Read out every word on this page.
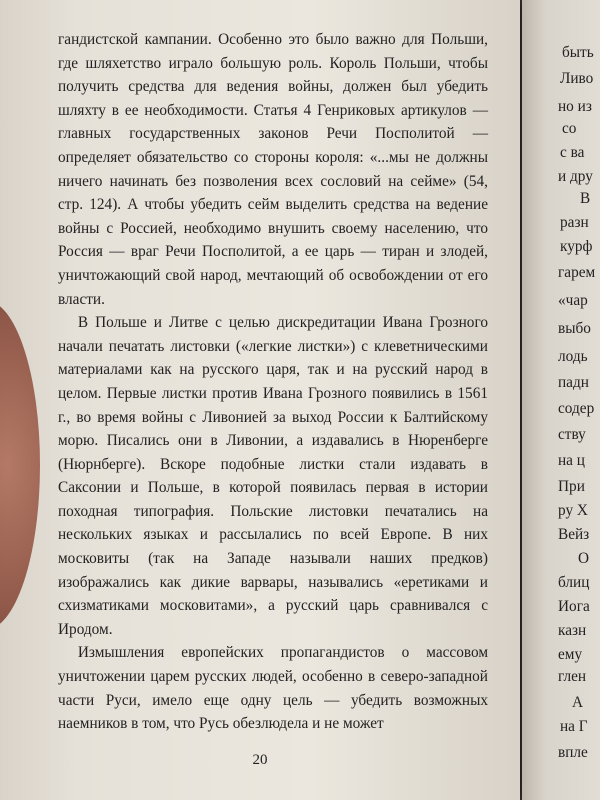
гандистской кампании. Особенно это было важно для Польши, где шляхетство играло большую роль. Король Польши, чтобы получить средства для ведения войны, должен был убедить шляхту в ее необходимости. Статья 4 Генриковых артикулов — главных государственных законов Речи Посполитой — определяет обязательство со стороны короля: «...мы не должны ничего начинать без позволения всех сословий на сейме» (54, стр. 124). А чтобы убедить сейм выделить средства на ведение войны с Россией, необходимо внушить своему населению, что Россия — враг Речи Посполитой, а ее царь — тиран и злодей, уничтожающий свой народ, мечтающий об освобождении от его власти.

В Польше и Литве с целью дискредитации Ивана Грозного начали печатать листовки («легкие листки») с клеветническими материалами как на русского царя, так и на русский народ в целом. Первые листки против Ивана Грозного появились в 1561 г., во время войны с Ливонией за выход России к Балтийскому морю. Писались они в Ливонии, а издавались в Нюренберге (Нюрнберге). Вскоре подобные листки стали издавать в Саксонии и Польше, в которой появилась первая в истории походная типография. Польские листовки печатались на нескольких языках и рассылались по всей Европе. В них московиты (так на Западе называли наших предков) изображались как дикие варвары, назывались «еретиками и схизматиками московитами», а русский царь сравнивался с Иродом.

Измышления европейских пропагандистов о массовом уничтожении царем русских людей, особенно в северо-западной части Руси, имело еще одну цель — убедить возможных наемников в том, что Русь обезлюдела и не может

20
быть
Ливо
но из
со
с ва
и дру
В
разн
курф
гарем
«чар
выбо
лодь
падн
содер
ству
на ц
При
ру Х
Вейз
О
блиц
Иога
казн
ему
глен
А
на Г
впле
